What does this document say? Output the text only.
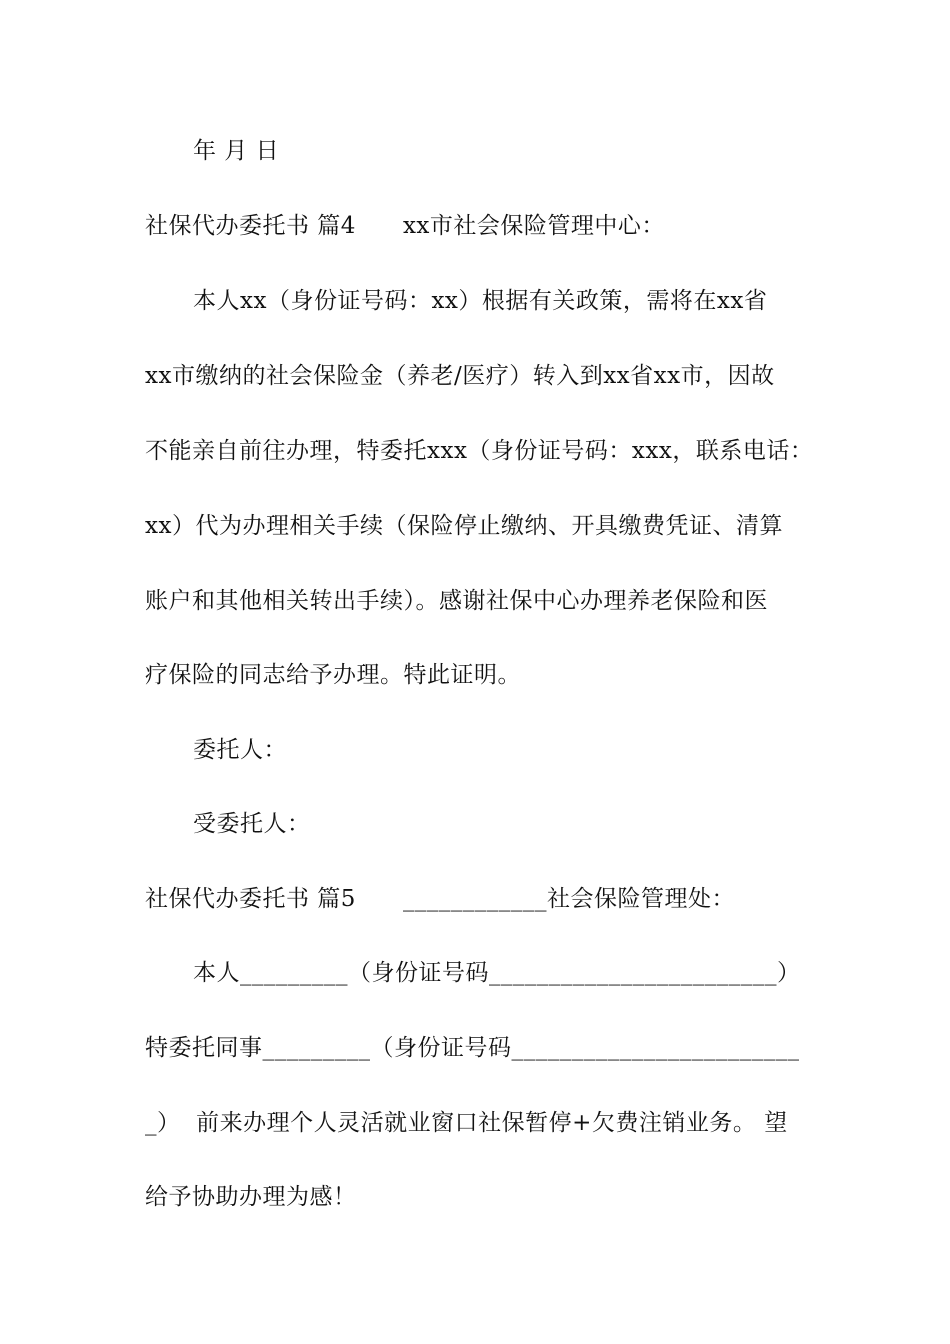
年 月 日
社保代办委托书 篇4　　xx市社会保险管理中心：
本人xx（身份证号码：xx）根据有关政策，需将在xx省
xx市缴纳的社会保险金（养老/医疗）转入到xx省xx市，因故
不能亲自前往办理，特委托xxx（身份证号码：xxx，联系电话：
xx）代为办理相关手续（保险停止缴纳、开具缴费凭证、清算
账户和其他相关转出手续）。感谢社保中心办理养老保险和医
疗保险的同志给予办理。特此证明。
委托人：
受委托人：
社保代办委托书 篇5　　____________社会保险管理处：
本人_________（身份证号码________________________）
特委托同事_________（身份证号码________________________
_）  前来办理个人灵活就业窗口社保暂停+欠费注销业务。 望
给予协助办理为感！
